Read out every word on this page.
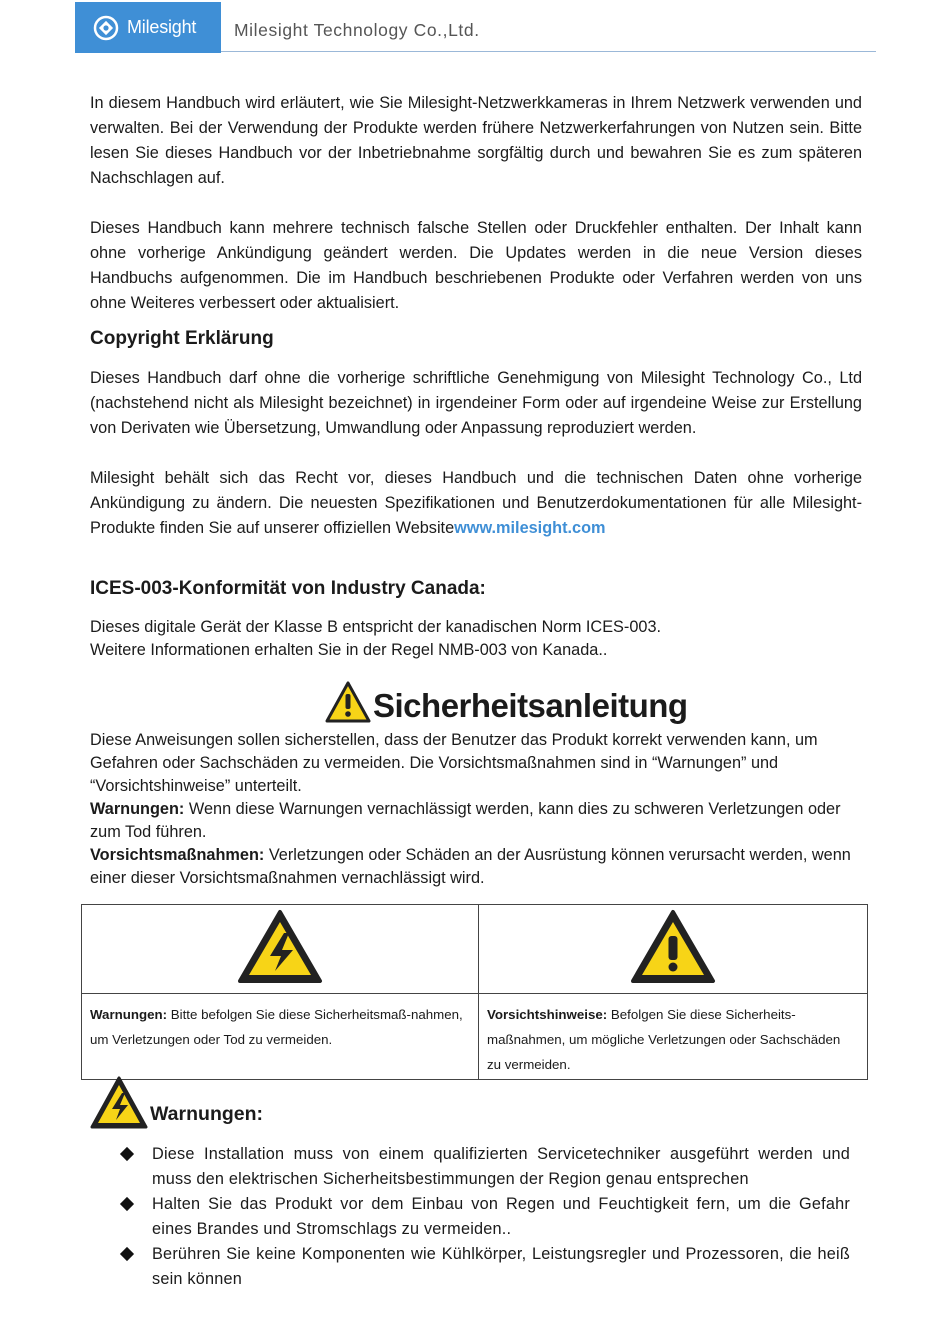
Milesight Milesight Technology Co.,Ltd.
In diesem Handbuch wird erläutert, wie Sie Milesight-Netzwerkkameras in Ihrem Netzwerk verwenden und verwalten. Bei der Verwendung der Produkte werden frühere Netzwerkerfahrungen von Nutzen sein. Bitte lesen Sie dieses Handbuch vor der Inbetriebnahme sorgfältig durch und bewahren Sie es zum späteren Nachschlagen auf.
Dieses Handbuch kann mehrere technisch falsche Stellen oder Druckfehler enthalten. Der Inhalt kann ohne vorherige Ankündigung geändert werden. Die Updates werden in die neue Version dieses Handbuchs aufgenommen. Die im Handbuch beschriebenen Produkte oder Verfahren werden von uns ohne Weiteres verbessert oder aktualisiert.
Copyright Erklärung
Dieses Handbuch darf ohne die vorherige schriftliche Genehmigung von Milesight Technology Co., Ltd (nachstehend nicht als Milesight bezeichnet) in irgendeiner Form oder auf irgendeine Weise zur Erstellung von Derivaten wie Übersetzung, Umwandlung oder Anpassung reproduziert werden.
Milesight behält sich das Recht vor, dieses Handbuch und die technischen Daten ohne vorherige Ankündigung zu ändern. Die neuesten Spezifikationen und Benutzerdokumentationen für alle Milesight-Produkte finden Sie auf unserer offiziellen Websitewww.milesight.com
ICES-003-Konformität von Industry Canada:
Dieses digitale Gerät der Klasse B entspricht der kanadischen Norm ICES-003.
Weitere Informationen erhalten Sie in der Regel NMB-003 von Kanada..
Sicherheitsanleitung
Diese Anweisungen sollen sicherstellen, dass der Benutzer das Produkt korrekt verwenden kann, um Gefahren oder Sachschäden zu vermeiden. Die Vorsichtsmaßnahmen sind in “Warnungen” und “Vorsichtshinweise” unterteilt.
Warnungen: Wenn diese Warnungen vernachlässigt werden, kann dies zu schweren Verletzungen oder zum Tod führen.
Vorsichtsmaßnahmen: Verletzungen oder Schäden an der Ausrüstung können verursacht werden, wenn einer dieser Vorsichtsmaßnahmen vernachlässigt wird.

Warnungen: Bitte befolgen Sie diese Sicherheitsmaß-nahmen, um Verletzungen oder Tod zu vermeiden.	Vorsichtshinweise: Befolgen Sie diese Sicherheits-maßnahmen, um mögliche Verletzungen oder Sachschäden zu vermeiden.
Warnungen:
Diese Installation muss von einem qualifizierten Servicetechniker ausgeführt werden und muss den elektrischen Sicherheitsbestimmungen der Region genau entsprechen
Halten Sie das Produkt vor dem Einbau von Regen und Feuchtigkeit fern, um die Gefahr eines Brandes und Stromschlags zu vermeiden..
Berühren Sie keine Komponenten wie Kühlkörper, Leistungsregler und Prozessoren, die heiß sein können
